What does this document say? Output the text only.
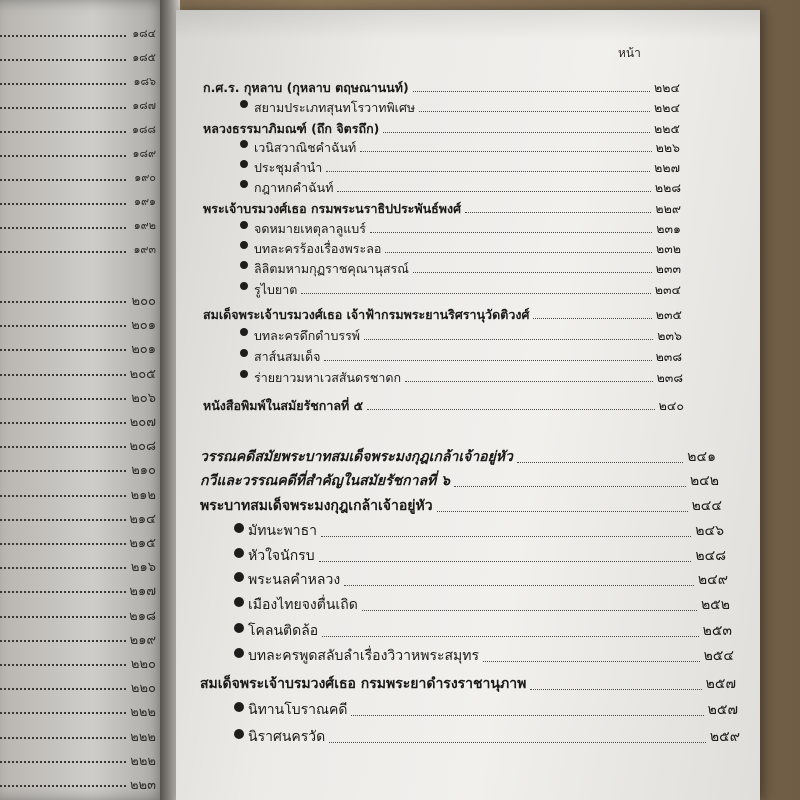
๑๘๔
๑๘๕
๑๘๖
๑๘๗
๑๘๘
๑๘๙
๑๙๐
๑๙๑
๑๙๒
๑๙๓
๒๐๐
๒๐๑
๒๐๑
๒๐๕
๒๐๖
๒๐๗
๒๐๘
๒๑๐
๒๑๒
๒๑๔
๒๑๕
๒๑๖
๒๑๗
๒๑๘
๒๑๙
๒๒๐
๒๒๐
๒๒๒
๒๒๒
๒๒๒
๒๒๓
หน้า
ก.ศ.ร. กุหลาบ (กุหลาบ ตฤษณานนท์)	๒๒๔
สยามประเภทสุนทโรวาทพิเศษ	๒๒๔
หลวงธรรมาภิมณฑ์ (ถึก จิตรถึก)	๒๒๕
เวนิสวาณิชคำฉันท์	๒๒๖
ประชุมลำนำ	๒๒๗
กฎาหกคำฉันท์	๒๒๘
พระเจ้าบรมวงศ์เธอ กรมพระนราธิปประพันธ์พงศ์	๒๒๙
จดหมายเหตุลาลูแบร์	๒๓๑
บทละครร้องเรื่องพระลอ	๒๓๒
ลิลิตมหามกุฏราชคุณานุสรณ์	๒๓๓
รูไบยาต	๒๓๔
สมเด็จพระเจ้าบรมวงศ์เธอ เจ้าฟ้ากรมพระยานริศรานุวัดติวงศ์	๒๓๕
บทละครดึกดำบรรพ์	๒๓๖
สาส์นสมเด็จ	๒๓๘
ร่ายยาวมหาเวสสันดรชาดก	๒๓๘
หนังสือพิมพ์ในสมัยรัชกาลที่ ๕	๒๔๐
วรรณคดีสมัยพระบาทสมเด็จพระมงกุฎเกล้าเจ้าอยู่หัว	๒๔๑
กวีและวรรณคดีที่สำคัญในสมัยรัชกาลที่ ๖	๒๔๒
พระบาทสมเด็จพระมงกุฎเกล้าเจ้าอยู่หัว	๒๔๔
มัทนะพาธา	๒๔๖
หัวใจนักรบ	๒๔๘
พระนลคำหลวง	๒๔๙
เมืองไทยจงตื่นเถิด	๒๕๒
โคลนติดล้อ	๒๕๓
บทละครพูดสลับลำเรื่องวิวาหพระสมุทร	๒๕๔
สมเด็จพระเจ้าบรมวงศ์เธอ กรมพระยาดำรงราชานุภาพ	๒๕๗
นิทานโบราณคดี	๒๕๗
นิราศนครวัด	๒๕๙
